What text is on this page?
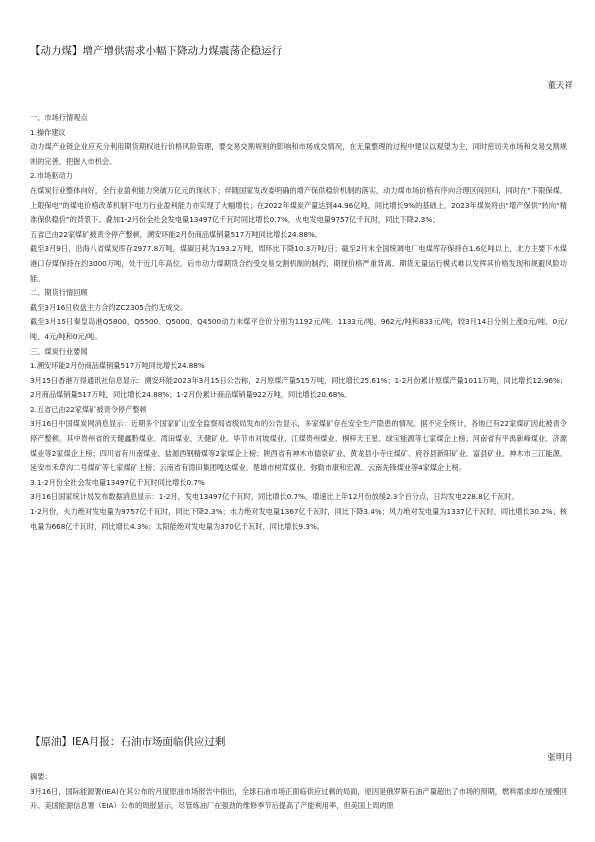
【动力煤】增产增供需求小幅下降动力煤震荡企稳运行
董天祥

一、市场行情观点

1.操作建议

动力煤产业链企业应充分利用期货期权进行价格风险管理，要交易交割规则的影响和市场成交情况，在无量整理的过程中建议以观望为主，同时密切关市场和交易交割规则的完善，把握入市机会。

2.市场驱动力

在煤炭行业整体向好，全行业盈利能力突破万亿元的现状下；伴随国家发改委明确的增产保供稳价机制的落实，动力煤市场价格有序向合理区间回归，同时在“下限保煤、上限保电”的煤电价格改革机制下电力行业盈利能力亦实现了大幅增长；在2022年煤炭产量达到44.96亿吨，同比增长9%的基础上，2023年煤炭将由“增产保供”转向“精准保供稳价”的背景下。叠加1-2月份全社会发电量13497亿千瓦时同比增长0.7%，火电发电量9757亿千瓦时，同比下降2.3%；

五省已由22家煤矿被责令停产整顿，溯安环能2月份商品煤销量517万吨同比增长24.88%。

截至3月9日，沿海八省煤炭库存2977.8万吨，煤碳日耗为193.2万吨，周环比下降10.3万吨/日；截至2月末全国统调电厂电煤库存保持在1.6亿吨以上，北方主要下水煤港口存煤保持在约3000万吨，处于近几年高位。后市动力煤期货合约受交易交割机制的制约，期现价格严重背离、期货无量运行模式难以发挥其价格发现和规避风险功能。

二、期货行情回顾

截至3月16日收盘主力合约ZC2305合约无成交。

截至3月15日秦皇岛港Q5800、Q5500、Q5000、Q4500动力末煤平仓价分别为1192元/吨、1133元/吨、962元/吨和833元/吨，较3月14日分别上涨0元/吨、0元/吨、4元/吨和0元/吨。

三、煤炭行业要闻

1.溯安环能2月份商品煤销量517万吨同比增长24.88%

3月15日香港万得通讯社信息显示：溯安环能2023年3月15日公告称，2月原煤产量515万吨，同比增长25.61%；1-2月份累计原煤产量1011万吨，同比增长12.96%；2月商品煤销量517万吨，同比增长24.88%；1-2月份累计商品煤销量922万吨，同比增长20.68%。

2.五省已由22家煤矿被责令停产整顿

3月16日中国煤炭网消息显示：近期多个国家矿山安全监察局省级局发布的公告显示，多家煤矿存在安全生产隐患的情况。据不完全统计，各地已有22家煤矿因此被责令停产整顿。其中贵州省的天健鑫黔煤业、湾田煤业、天健矿业、毕节市对坡煤业、江煤贵州煤业、桐梓天王星、绿宝能源等七家煤企上榜；河南省有平禹新峰煤业、济源煤业等2家煤企上榜；四川省有川南煤业、盐源西钢精煤等2家煤企上榜；陕西省有神木市德泉矿业、黄龙县小寺庄煤矿、府谷县新阳矿业、富县矿业、神木市三江能源、延安市禾草沟二号煤矿等七家煤矿上榜；云南省有湾田集团嘎达煤业、楚雄市树茸煤业、弥勒市康和宏源、云南先锋煤业等4家煤企上榜。

3.1-2月份全社会发电量13497亿千瓦时同比增长0.7%

3月16日国家统计局发布数据消息显示：1-2月，发电13497亿千瓦时，同比增长0.7%，增速比上年12月份放缓2.3个百分点，日均发电228.8亿千瓦时。

1-2月份，火力绝对发电量为9757亿千瓦时，同比下降2.3%；水力绝对发电量1367亿千瓦时，同比下降3.4%；风力绝对发电量为1337亿千瓦时，同比增长30.2%；核电量为668亿千瓦时，同比增长4.3%；太阳能绝对发电量为370亿千瓦时，同比增长9.3%。

【原油】IEA月报：石油市场面临供应过剩
张明月

摘要：

3月16日，国际能源署(IEA)在其公布的月度原油市场报告中指出，全球石油市场正面临供应过剩的局面，原因是俄罗斯石油产量超出了市场的预期，燃料需求却在缓慢回升。美国能源信息署（EIA）公布的周报显示，尽管炼油厂在强劲的维修季节后提高了产能利用率，但美国上周的原
